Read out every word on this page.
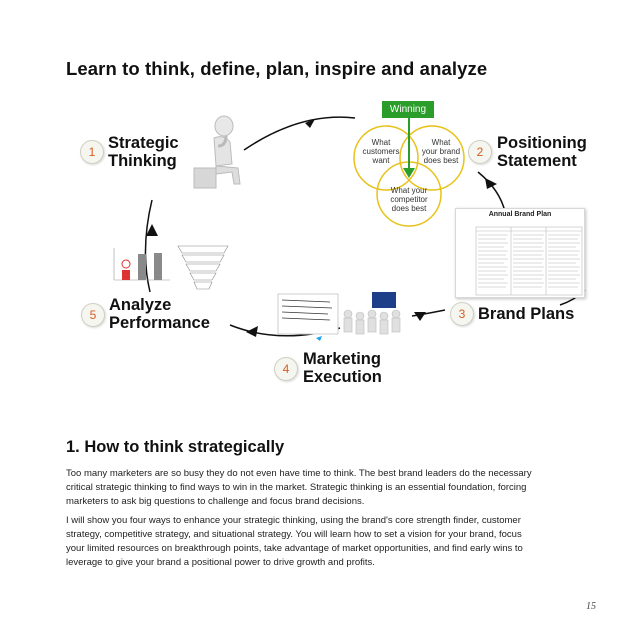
Learn to think, define, plan, inspire and analyze
1 Strategic
Thinking
Winning
What
customers
want
What
your brand
does best
What your
competitor
does best
2 Positioning
Statement
Annual Brand Plan
3 Brand Plans
4
Marketing
Execution
5
Analyze
Performance
1. How to think strategically
Too many marketers are so busy they do not even have time to think. The best brand leaders do the necessary
critical strategic thinking to find ways to win in the market. Strategic thinking is an essential foundation, forcing
marketers to ask big questions to challenge and focus brand decisions.
I will show you four ways to enhance your strategic thinking, using the brand's core strength finder, customer
strategy, competitive strategy, and situational strategy. You will learn how to set a vision for your brand, focus
your limited resources on breakthrough points, take advantage of market opportunities, and find early wins to
leverage to give your brand a positional power to drive growth and profits.
15
